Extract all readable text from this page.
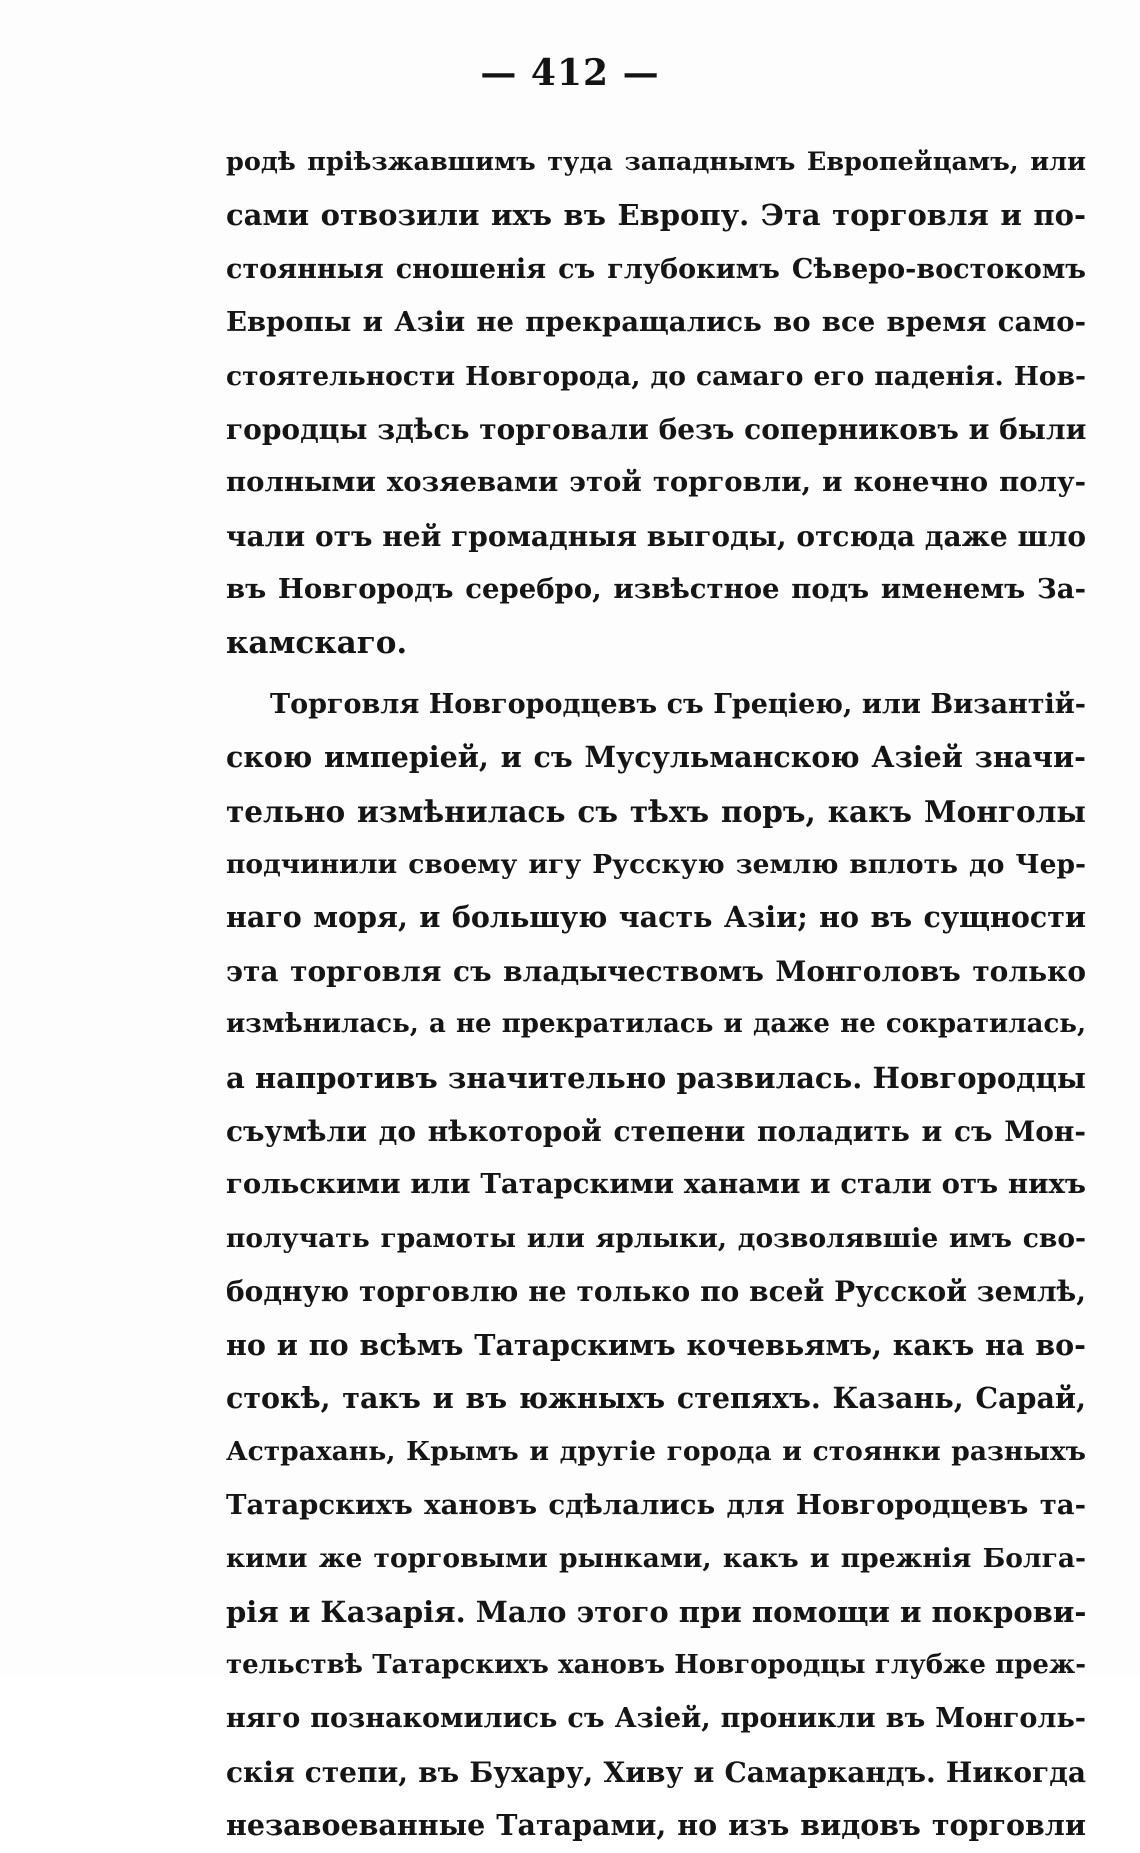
— 412 —
родѣ пріѣзжавшимъ туда западнымъ Европейцамъ, или
сами отвозили ихъ въ Европу. Эта торговля и по-
стоянныя сношенія съ глубокимъ Сѣверо-востокомъ
Европы и Азіи не прекращались во все время само-
стоятельности Новгорода, до самаго его паденія. Нов-
городцы здѣсь торговали безъ соперниковъ и были
полными хозяевами этой торговли, и конечно полу-
чали отъ ней громадныя выгоды, отсюда даже шло
въ Новгородъ серебро, извѣстное подъ именемъ За-
камскаго.
Торговля Новгородцевъ съ Греціею, или Византій-
скою имперіей, и съ Мусульманскою Азіей значи-
тельно измѣнилась съ тѣхъ поръ, какъ Монголы
подчинили своему игу Русскую землю вплоть до Чер-
наго моря, и большую часть Азіи; но въ сущности
эта торговля съ владычествомъ Монголовъ только
измѣнилась, а не прекратилась и даже не сократилась,
а напротивъ значительно развилась. Новгородцы
съумѣли до нѣкоторой степени поладить и съ Мон-
гольскими или Татарскими ханами и стали отъ нихъ
получать грамоты или ярлыки, дозволявшіе имъ сво-
бодную торговлю не только по всей Русской землѣ,
но и по всѣмъ Татарскимъ кочевьямъ, какъ на во-
стокѣ, такъ и въ южныхъ степяхъ. Казань, Сарай,
Астрахань, Крымъ и другіе города и стоянки разныхъ
Татарскихъ хановъ сдѣлались для Новгородцевъ та-
кими же торговыми рынками, какъ и прежнія Болга-
рія и Казарія. Мало этого при помощи и покрови-
тельствѣ Татарскихъ хановъ Новгородцы глубже преж-
няго познакомились съ Азіей, проникли въ Монголь-
скія степи, въ Бухару, Хиву и Самаркандъ. Никогда
незавоеванные Татарами, но изъ видовъ торговли
